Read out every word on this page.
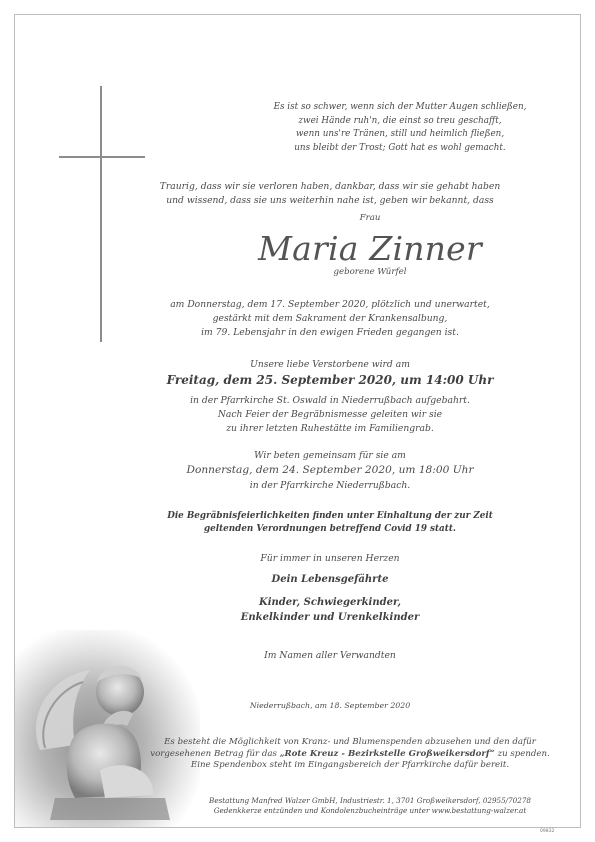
Es ist so schwer, wenn sich der Mutter Augen schließen,
zwei Hände ruh'n, die einst so treu geschafft,
wenn uns're Tränen, still und heimlich fließen,
uns bleibt der Trost; Gott hat es wohl gemacht.
Traurig, dass wir sie verloren haben, dankbar, dass wir sie gehabt haben
und wissend, dass sie uns weiterhin nahe ist, geben wir bekannt, dass
Frau
Maria Zinner
geborene Würfel
am Donnerstag, dem 17. September 2020, plötzlich und unerwartet,
gestärkt mit dem Sakrament der Krankensalbung,
im 79. Lebensjahr in den ewigen Frieden gegangen ist.
Unsere liebe Verstorbene wird am
Freitag, dem 25. September 2020, um 14:00 Uhr
in der Pfarrkirche St. Oswald in Niederrußbach aufgebahrt.
Nach Feier der Begräbnismesse geleiten wir sie
zu ihrer letzten Ruhestätte im Familiengrab.
Wir beten gemeinsam für sie am
Donnerstag, dem 24. September 2020, um 18:00 Uhr
in der Pfarrkirche Niederrußbach.
Die Begräbnisfeierlichkeiten finden unter Einhaltung der zur Zeit
geltenden Verordnungen betreffend Covid 19 statt.
Für immer in unseren Herzen
Dein Lebensgefährte
Kinder, Schwiegerkinder,
Enkelkinder und Urenkelkinder
Im Namen aller Verwandten
Niederrußbach, am 18. September 2020
Es besteht die Möglichkeit von Kranz- und Blumenspenden abzusehen und den dafür
vorgesehenen Betrag für das „Rote Kreuz - Bezirkstelle Großweikersdorf“ zu spenden.
Eine Spendenbox steht im Eingangsbereich der Pfarrkirche dafür bereit.
Bestattung Manfred Walzer GmbH, Industriestr. 1, 3701 Großweikersdorf, 02955/70278
Gedenkkerze entzünden und Kondolenzbucheinträge unter www.bestattung-walzer.at
09832
